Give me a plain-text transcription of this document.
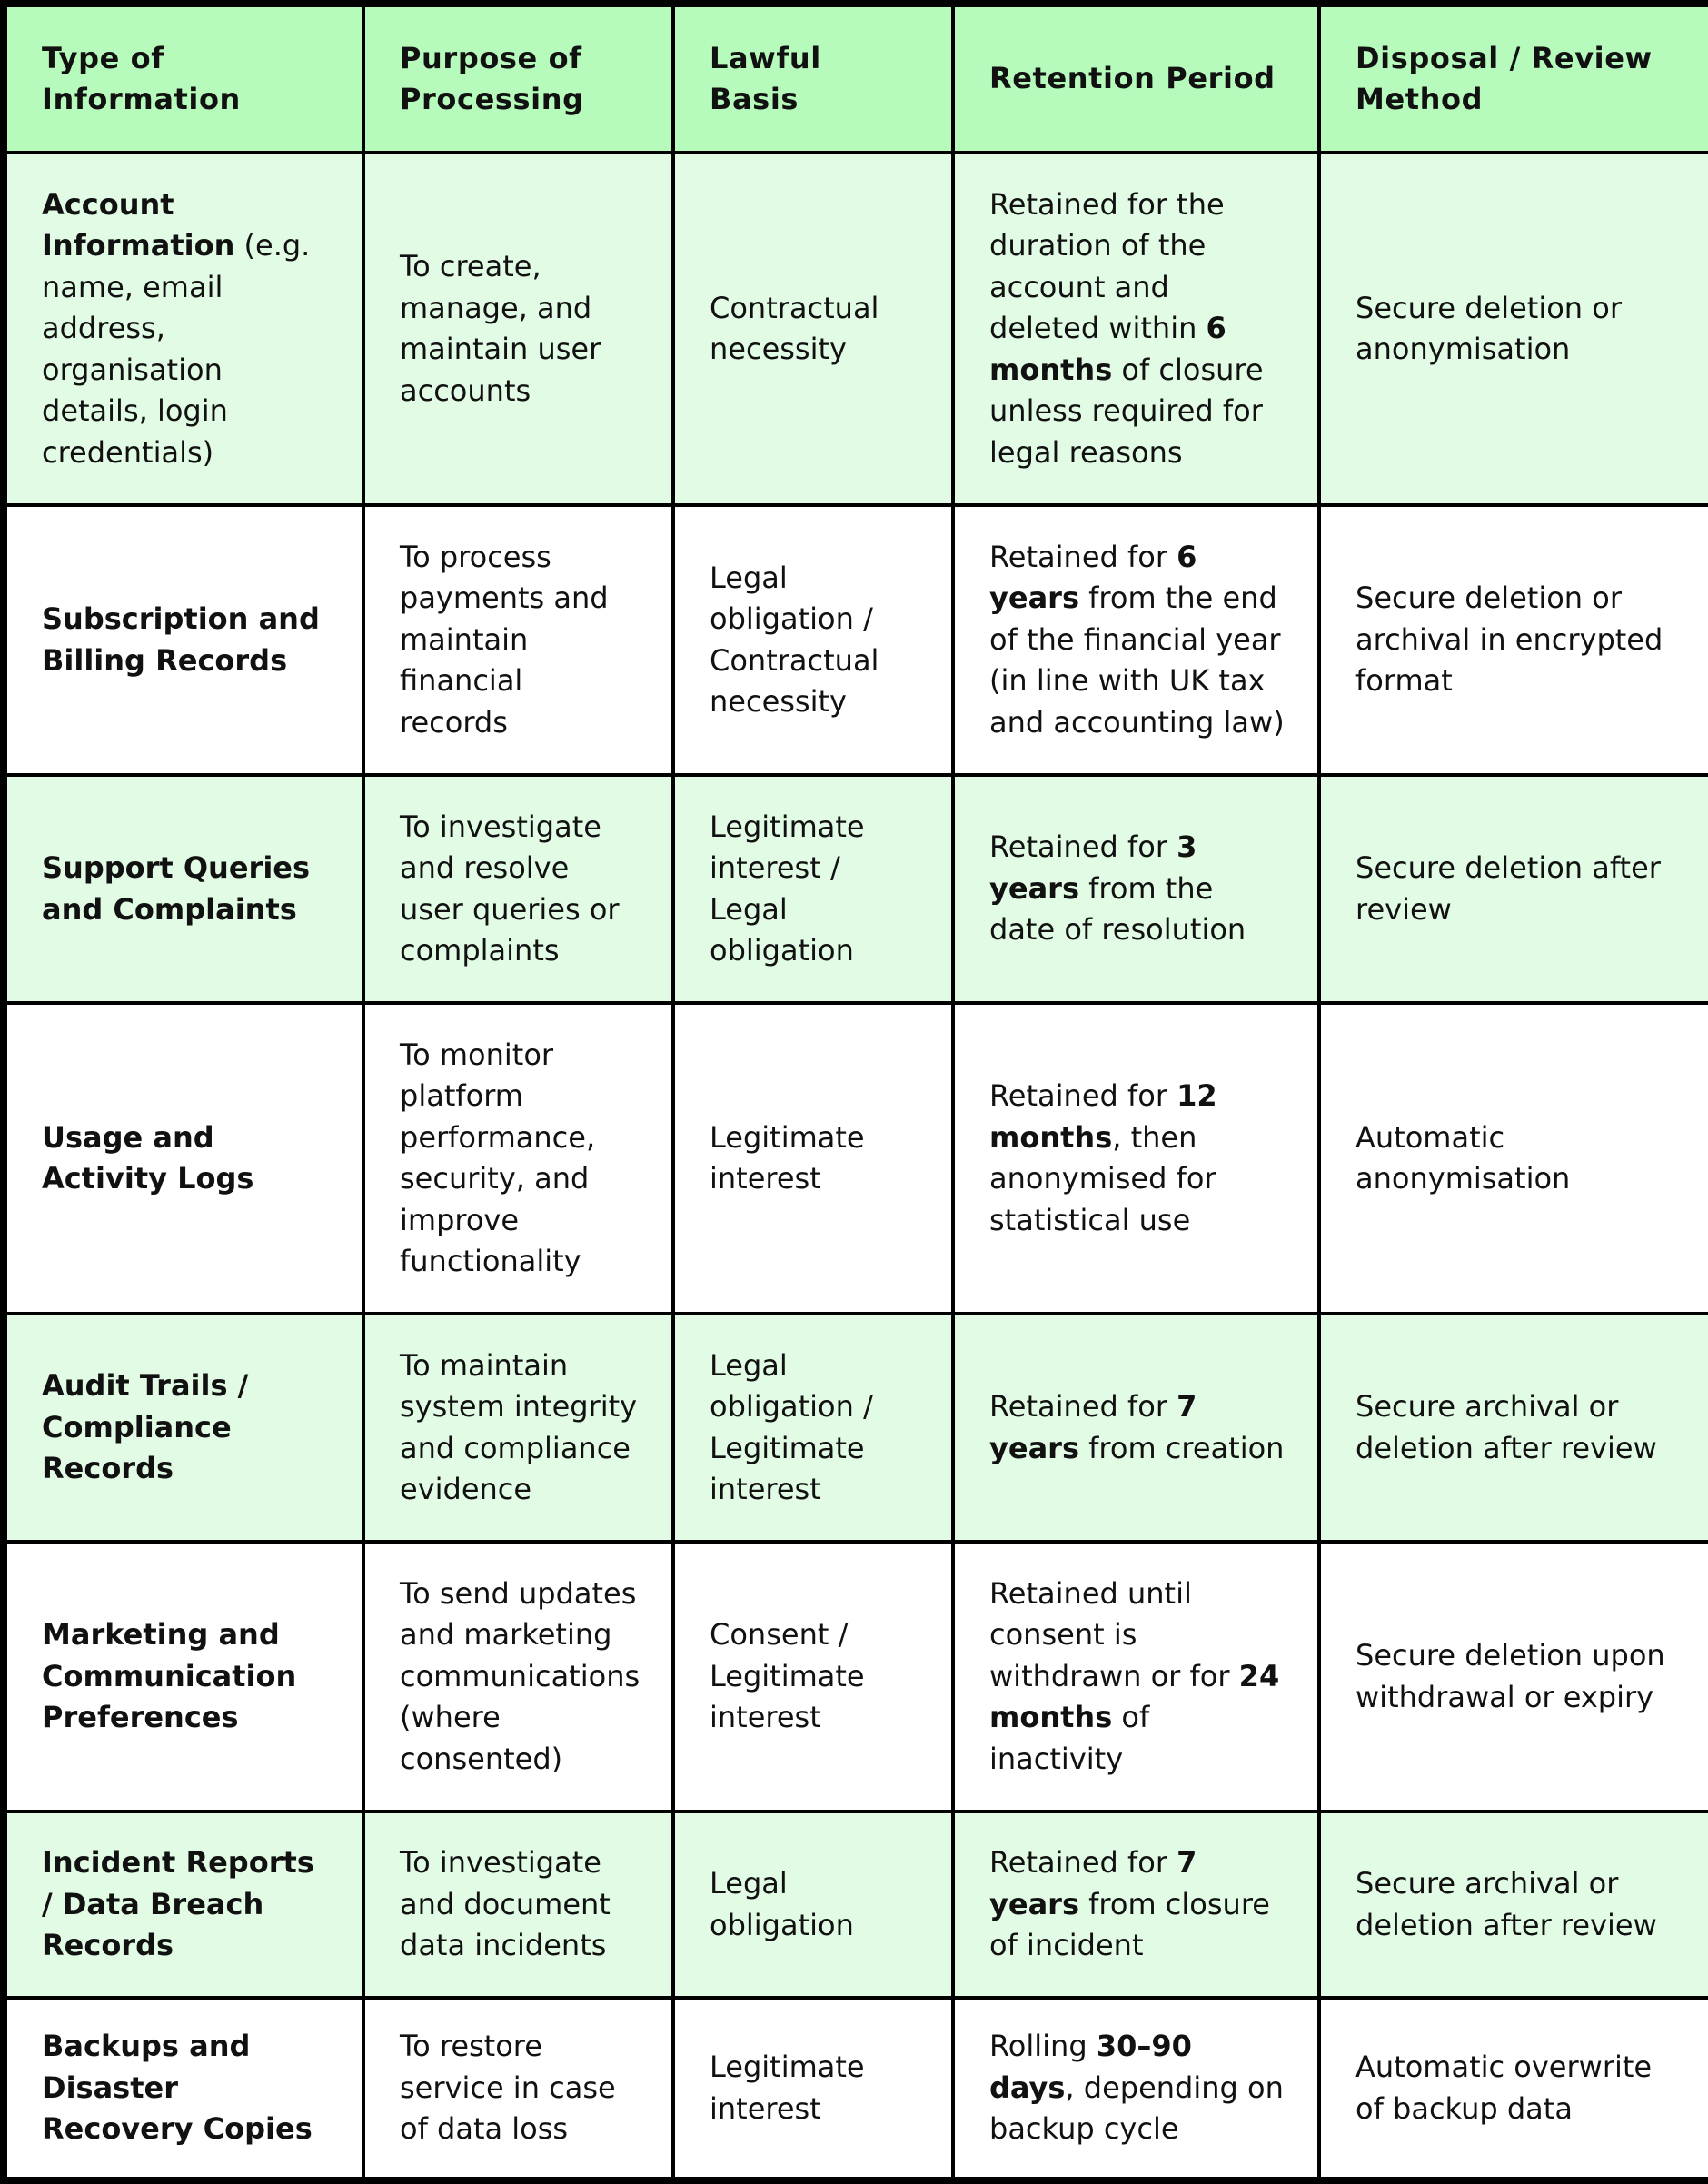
Type of Information	Purpose of Processing	Lawful Basis	Retention Period	Disposal / Review Method
Account Information (e.g. name, email address, organisation details, login credentials)	To create, manage, and maintain user accounts	Contractual necessity	Retained for the duration of the account and deleted within 6 months of closure unless required for legal reasons	Secure deletion or anonymisation
Subscription and Billing Records	To process payments and maintain financial records	Legal obligation / Contractual necessity	Retained for 6 years from the end of the financial year (in line with UK tax and accounting law)	Secure deletion or archival in encrypted format
Support Queries and Complaints	To investigate and resolve user queries or complaints	Legitimate interest / Legal obligation	Retained for 3 years from the date of resolution	Secure deletion after review
Usage and Activity Logs	To monitor platform performance, security, and improve functionality	Legitimate interest	Retained for 12 months, then anonymised for statistical use	Automatic anonymisation
Audit Trails / Compliance Records	To maintain system integrity and compliance evidence	Legal obligation / Legitimate interest	Retained for 7 years from creation	Secure archival or deletion after review
Marketing and Communication Preferences	To send updates and marketing communications (where consented)	Consent / Legitimate interest	Retained until consent is withdrawn or for 24 months of inactivity	Secure deletion upon withdrawal or expiry
Incident Reports / Data Breach Records	To investigate and document data incidents	Legal obligation	Retained for 7 years from closure of incident	Secure archival or deletion after review
Backups and Disaster Recovery Copies	To restore service in case of data loss	Legitimate interest	Rolling 30–90 days, depending on backup cycle	Automatic overwrite of backup data
